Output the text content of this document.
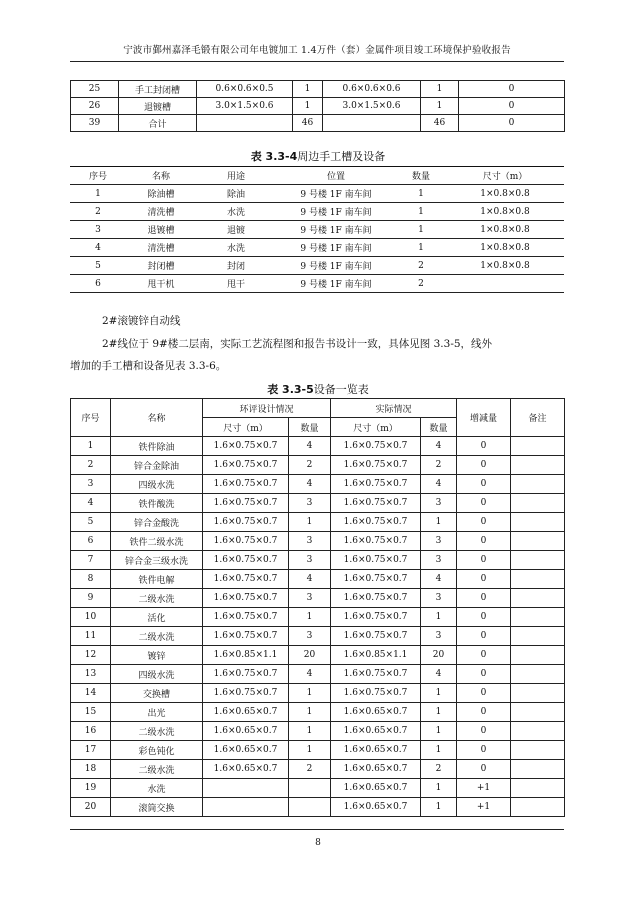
宁波市鄞州嘉泽毛锻有限公司年电镀加工 1.4万件（套）金属件项目竣工环境保护验收报告
25	手工封闭槽	0.6×0.6×0.5	1	0.6×0.6×0.6	1	0
26	退镀槽	3.0×1.5×0.6	1	3.0×1.5×0.6	1	0
39	合计		46		46	0
表 3.3-4周边手工槽及设备
序号	名称	用途	位置	数量	尺寸（m）
1	除油槽	除油	9 号楼 1F 南车间	1	1×0.8×0.8
2	清洗槽	水洗	9 号楼 1F 南车间	1	1×0.8×0.8
3	退镀槽	退镀	9 号楼 1F 南车间	1	1×0.8×0.8
4	清洗槽	水洗	9 号楼 1F 南车间	1	1×0.8×0.8
5	封闭槽	封闭	9 号楼 1F 南车间	2	1×0.8×0.8
6	甩干机	甩干	9 号楼 1F 南车间	2	
2#滚镀锌自动线
2#线位于 9#楼二层南，实际工艺流程图和报告书设计一致，具体见图 3.3-5，线外
增加的手工槽和设备见表 3.3-6。
表 3.3-5设备一览表
序号	名称	环评设计情况		实际情况		增减量	备注
		尺寸（m）	数量	尺寸（m）	数量		
1	铁件除油	1.6×0.75×0.7	4	1.6×0.75×0.7	4	0	
2	锌合金除油	1.6×0.75×0.7	2	1.6×0.75×0.7	2	0	
3	四级水洗	1.6×0.75×0.7	4	1.6×0.75×0.7	4	0	
4	铁件酸洗	1.6×0.75×0.7	3	1.6×0.75×0.7	3	0	
5	锌合金酸洗	1.6×0.75×0.7	1	1.6×0.75×0.7	1	0	
6	铁件二级水洗	1.6×0.75×0.7	3	1.6×0.75×0.7	3	0	
7	锌合金三级水洗	1.6×0.75×0.7	3	1.6×0.75×0.7	3	0	
8	铁件电解	1.6×0.75×0.7	4	1.6×0.75×0.7	4	0	
9	二级水洗	1.6×0.75×0.7	3	1.6×0.75×0.7	3	0	
10	活化	1.6×0.75×0.7	1	1.6×0.75×0.7	1	0	
11	二级水洗	1.6×0.75×0.7	3	1.6×0.75×0.7	3	0	
12	镀锌	1.6×0.85×1.1	20	1.6×0.85×1.1	20	0	
13	四级水洗	1.6×0.75×0.7	4	1.6×0.75×0.7	4	0	
14	交换槽	1.6×0.75×0.7	1	1.6×0.75×0.7	1	0	
15	出光	1.6×0.65×0.7	1	1.6×0.65×0.7	1	0	
16	二级水洗	1.6×0.65×0.7	1	1.6×0.65×0.7	1	0	
17	彩色钝化	1.6×0.65×0.7	1	1.6×0.65×0.7	1	0	
18	二级水洗	1.6×0.65×0.7	2	1.6×0.65×0.7	2	0	
19	水洗			1.6×0.65×0.7	1	+1	
20	滚筒交换			1.6×0.65×0.7	1	+1	
8
